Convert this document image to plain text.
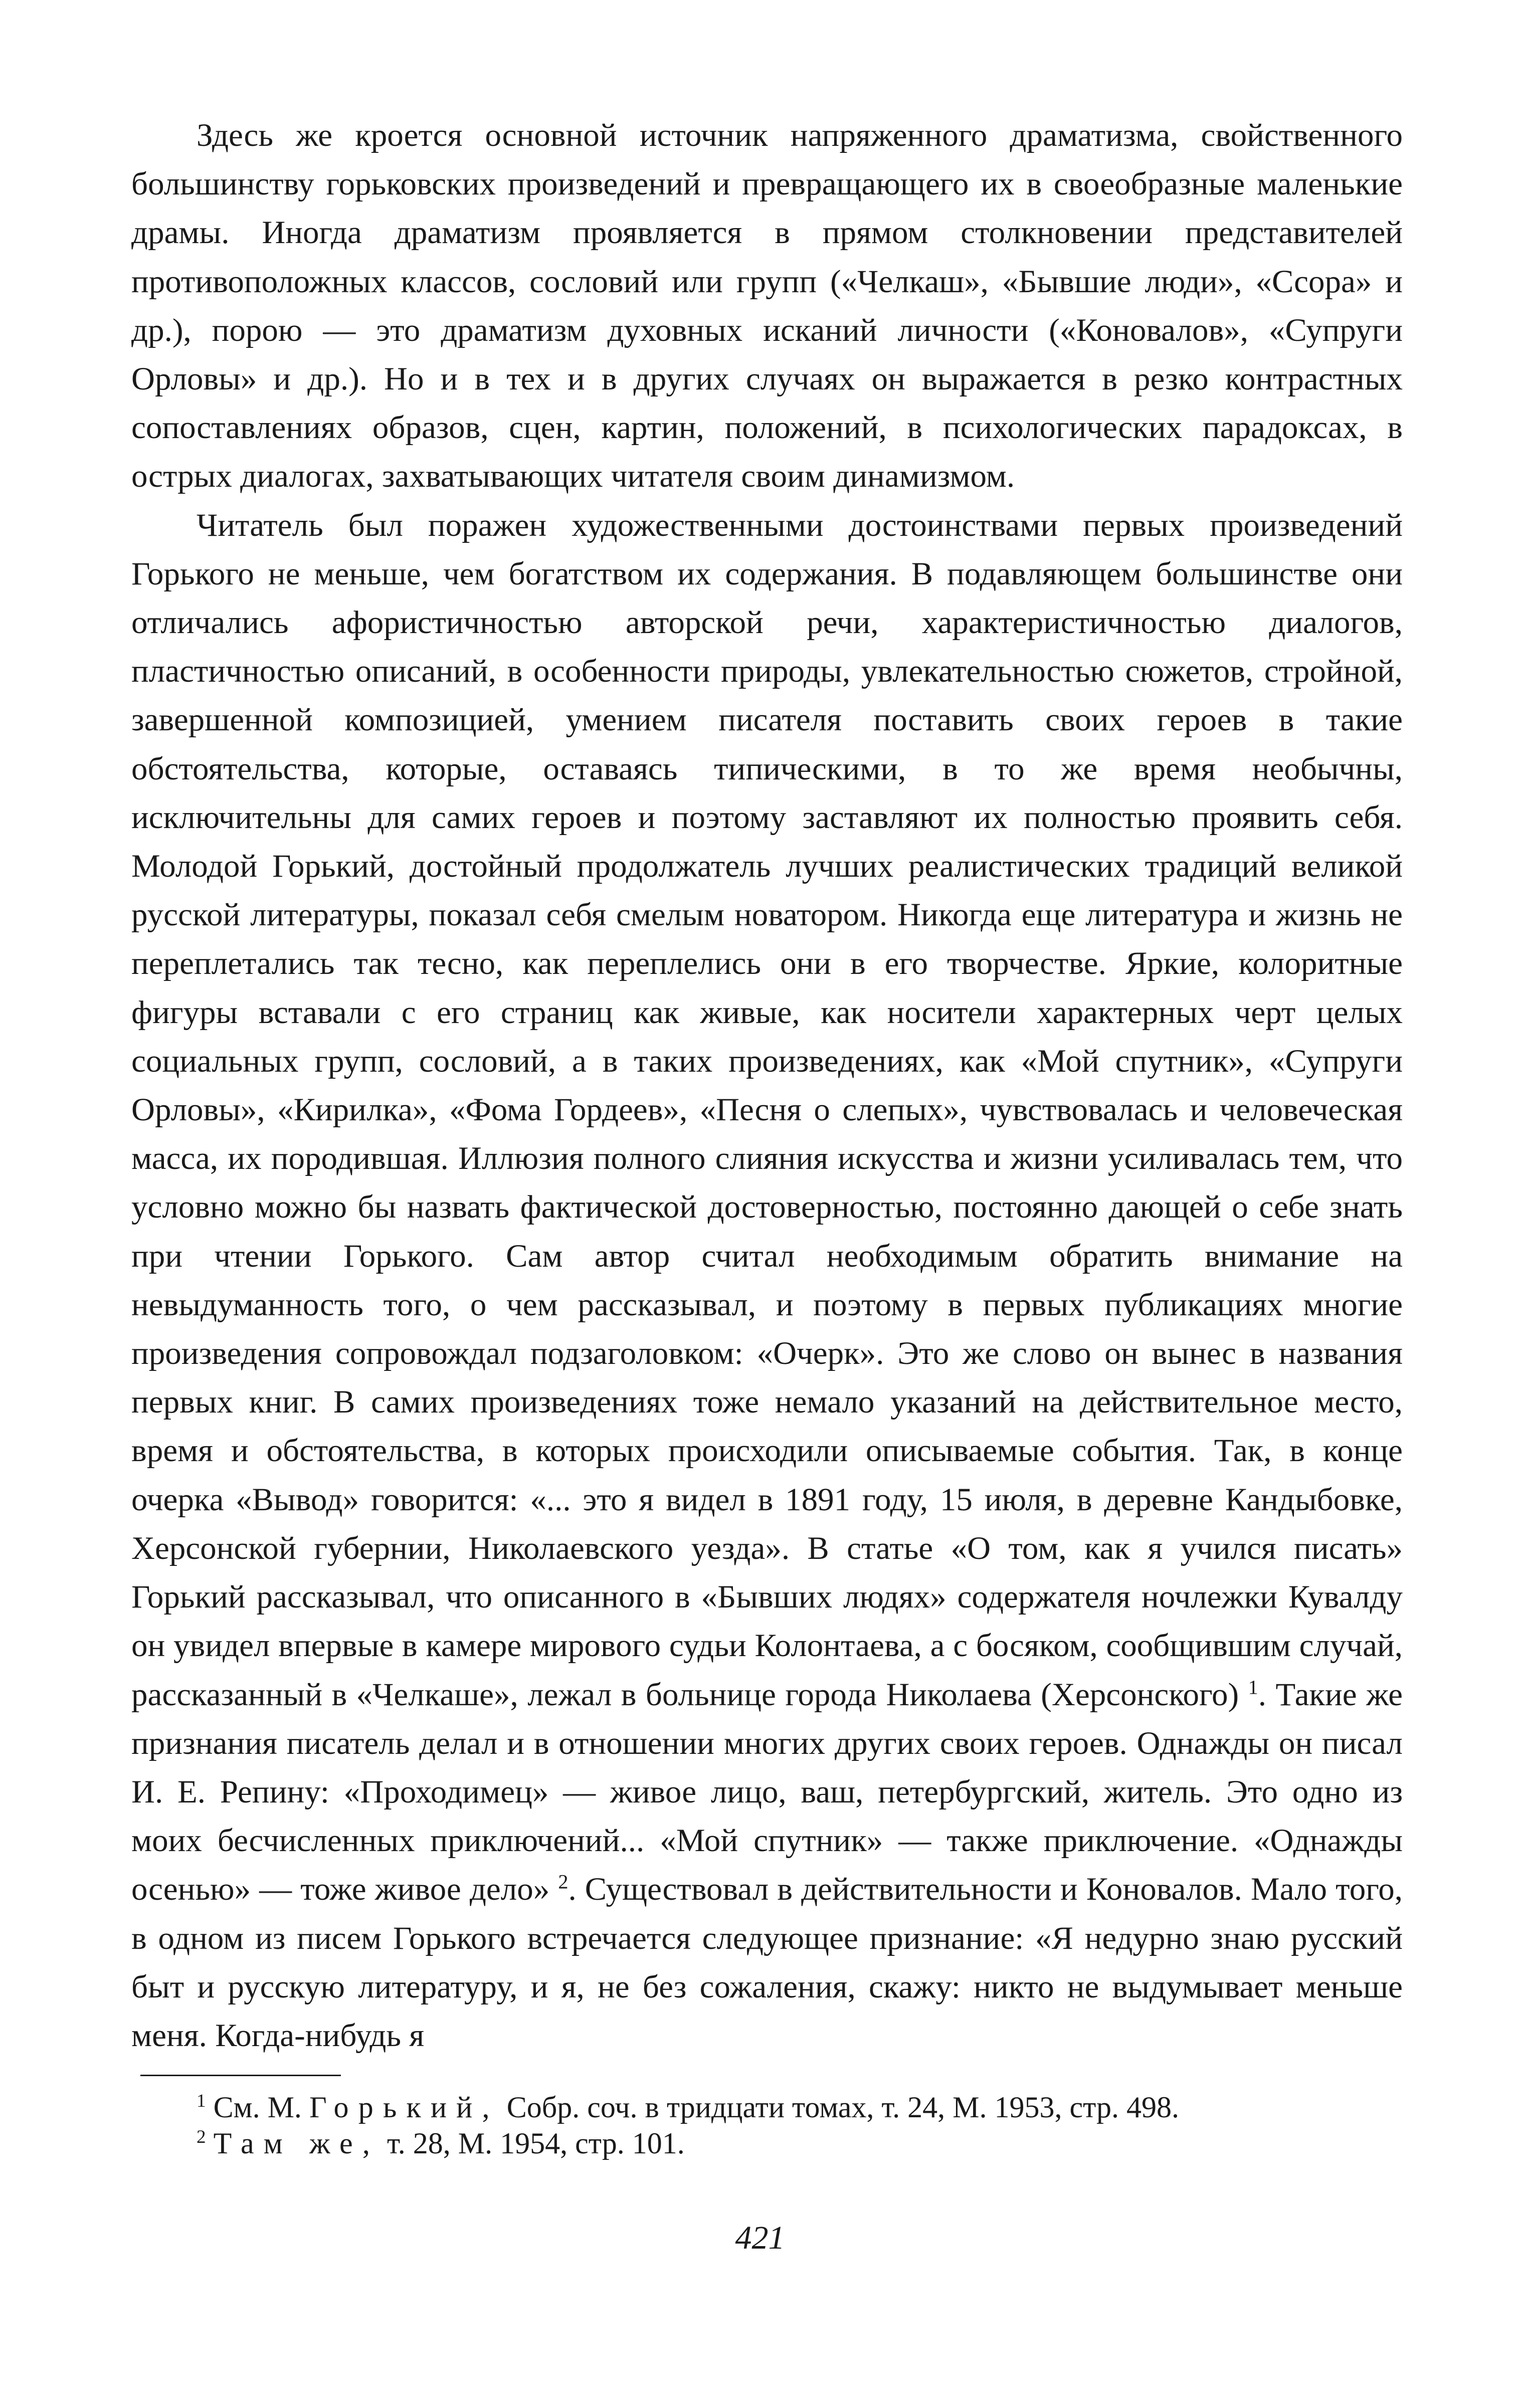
Здесь же кроется основной источник напряженного драматизма, свойственного большинству горьковских произведений и превращающего их в своеобразные маленькие драмы. Иногда драматизм проявляется в прямом столкновении представителей противоположных классов, сословий или групп («Челкаш», «Бывшие люди», «Ссора» и др.), порою — это драматизм духовных исканий личности («Коновалов», «Супруги Орловы» и др.). Но и в тех и в других случаях он выражается в резко контрастных сопоставлениях образов, сцен, картин, положений, в психологических парадоксах, в острых диалогах, захватывающих читателя своим динамизмом.

Читатель был поражен художественными достоинствами первых произведений Горького не меньше, чем богатством их содержания. В подавляющем большинстве они отличались афористичностью авторской речи, характеристичностью диалогов, пластичностью описаний, в особенности природы, увлекательностью сюжетов, стройной, завершенной композицией, умением писателя поставить своих героев в такие обстоятельства, которые, оставаясь типическими, в то же время необычны, исключительны для самих героев и поэтому заставляют их полностью проявить себя. Молодой Горький, достойный продолжатель лучших реалистических традиций великой русской литературы, показал себя смелым новатором. Никогда еще литература и жизнь не переплетались так тесно, как переплелись они в его творчестве. Яркие, колоритные фигуры вставали с его страниц как живые, как носители характерных черт целых социальных групп, сословий, а в таких произведениях, как «Мой спутник», «Супруги Орловы», «Кирилка», «Фома Гордеев», «Песня о слепых», чувствовалась и человеческая масса, их породившая. Иллюзия полного слияния искусства и жизни усиливалась тем, что условно можно бы назвать фактической достоверностью, постоянно дающей о себе знать при чтении Горького. Сам автор считал необходимым обратить внимание на невыдуманность того, о чем рассказывал, и поэтому в первых публикациях многие произведения сопровождал подзаголовком: «Очерк». Это же слово он вынес в названия первых книг. В самих произведениях тоже немало указаний на действительное место, время и обстоятельства, в которых происходили описываемые события. Так, в конце очерка «Вывод» говорится: «... это я видел в 1891 году, 15 июля, в деревне Кандыбовке, Херсонской губернии, Николаевского уезда». В статье «О том, как я учился писать» Горький рассказывал, что описанного в «Бывших людях» содержателя ночлежки Кувалду он увидел впервые в камере мирового судьи Колонтаева, а с босяком, сообщившим случай, рассказанный в «Челкаше», лежал в больнице города Николаева (Херсонского) $^1$. Такие же признания писатель делал и в отношении многих других своих героев. Однажды он писал И. Е. Репину: «Проходимец» — живое лицо, ваш, петербургский, житель. Это одно из моих бесчисленных приключений... «Мой спутник» — также приключение. «Однажды осенью» — тоже живое дело» $^2$. Существовал в действительности и Коновалов. Мало того, в одном из писем Горького встречается следующее признание: «Я недурно знаю русский быт и русскую литературу, и я, не без сожаления, скажу: никто не выдумывает меньше меня. Когда-нибудь я

$^1$ См. М. Горький, Собр. соч. в тридцати томах, т. 24, М. 1953, стр. 498.

$^2$ Там же, т. 28, М. 1954, стр. 101.

421
